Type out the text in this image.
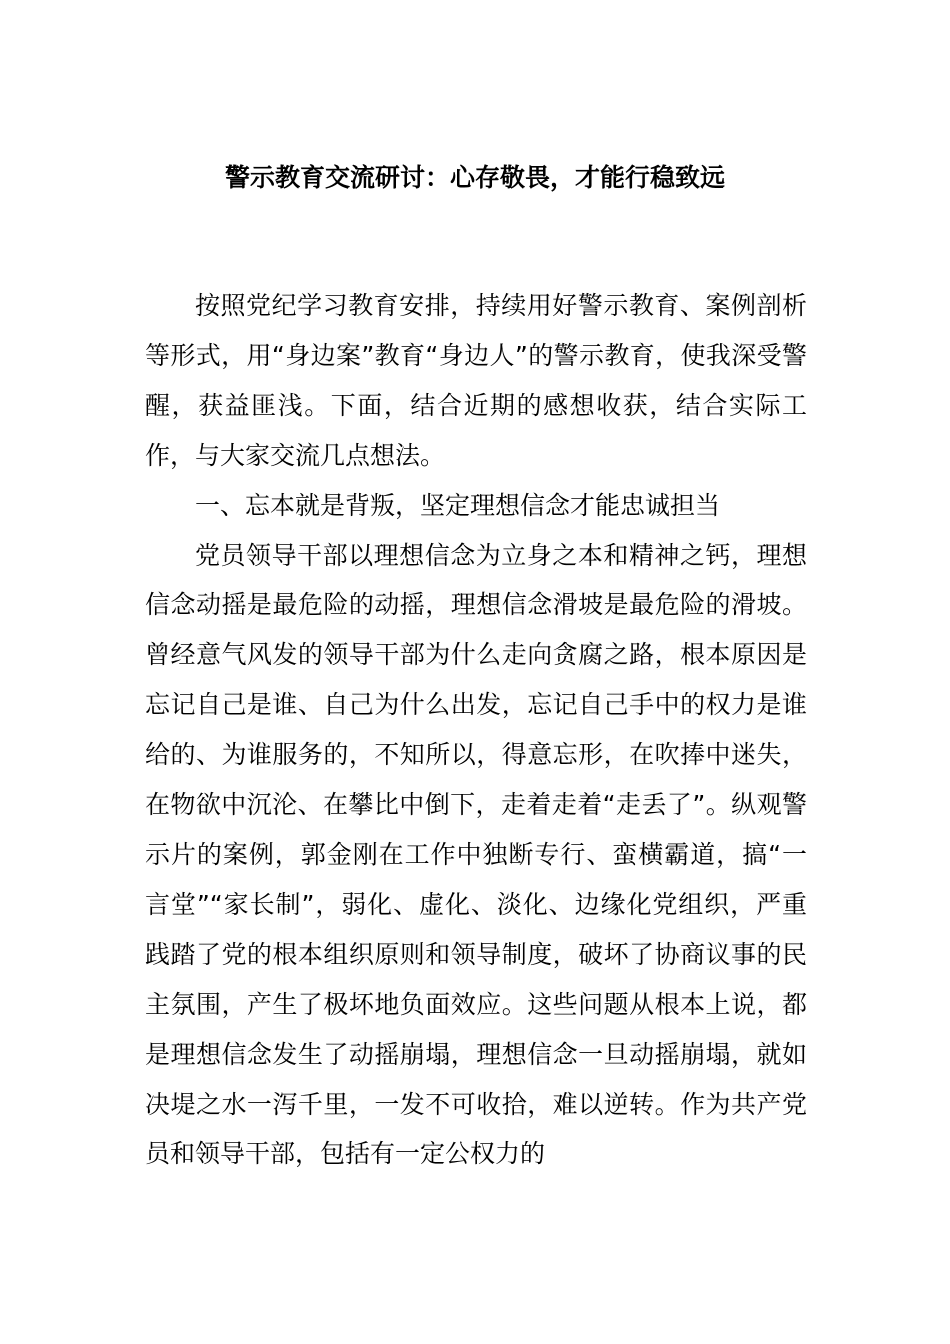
警示教育交流研讨：心存敬畏，才能行稳致远

按照党纪学习教育安排，持续用好警示教育、案例剖析等形式，用“身边案”教育“身边人”的警示教育，使我深受警醒，获益匪浅。下面，结合近期的感想收获，结合实际工作，与大家交流几点想法。

一、忘本就是背叛，坚定理想信念才能忠诚担当

党员领导干部以理想信念为立身之本和精神之钙，理想信念动摇是最危险的动摇，理想信念滑坡是最危险的滑坡。曾经意气风发的领导干部为什么走向贪腐之路，根本原因是忘记自己是谁、自己为什么出发，忘记自己手中的权力是谁给的、为谁服务的，不知所以，得意忘形，在吹捧中迷失，在物欲中沉沦、在攀比中倒下，走着走着“走丢了”。纵观警示片的案例，郭金刚在工作中独断专行、蛮横霸道，搞“一言堂”“家长制”，弱化、虚化、淡化、边缘化党组织，严重践踏了党的根本组织原则和领导制度，破坏了协商议事的民主氛围，产生了极坏地负面效应。这些问题从根本上说，都是理想信念发生了动摇崩塌，理想信念一旦动摇崩塌，就如决堤之水一泻千里，一发不可收拾，难以逆转。作为共产党员和领导干部，包括有一定公权力的
